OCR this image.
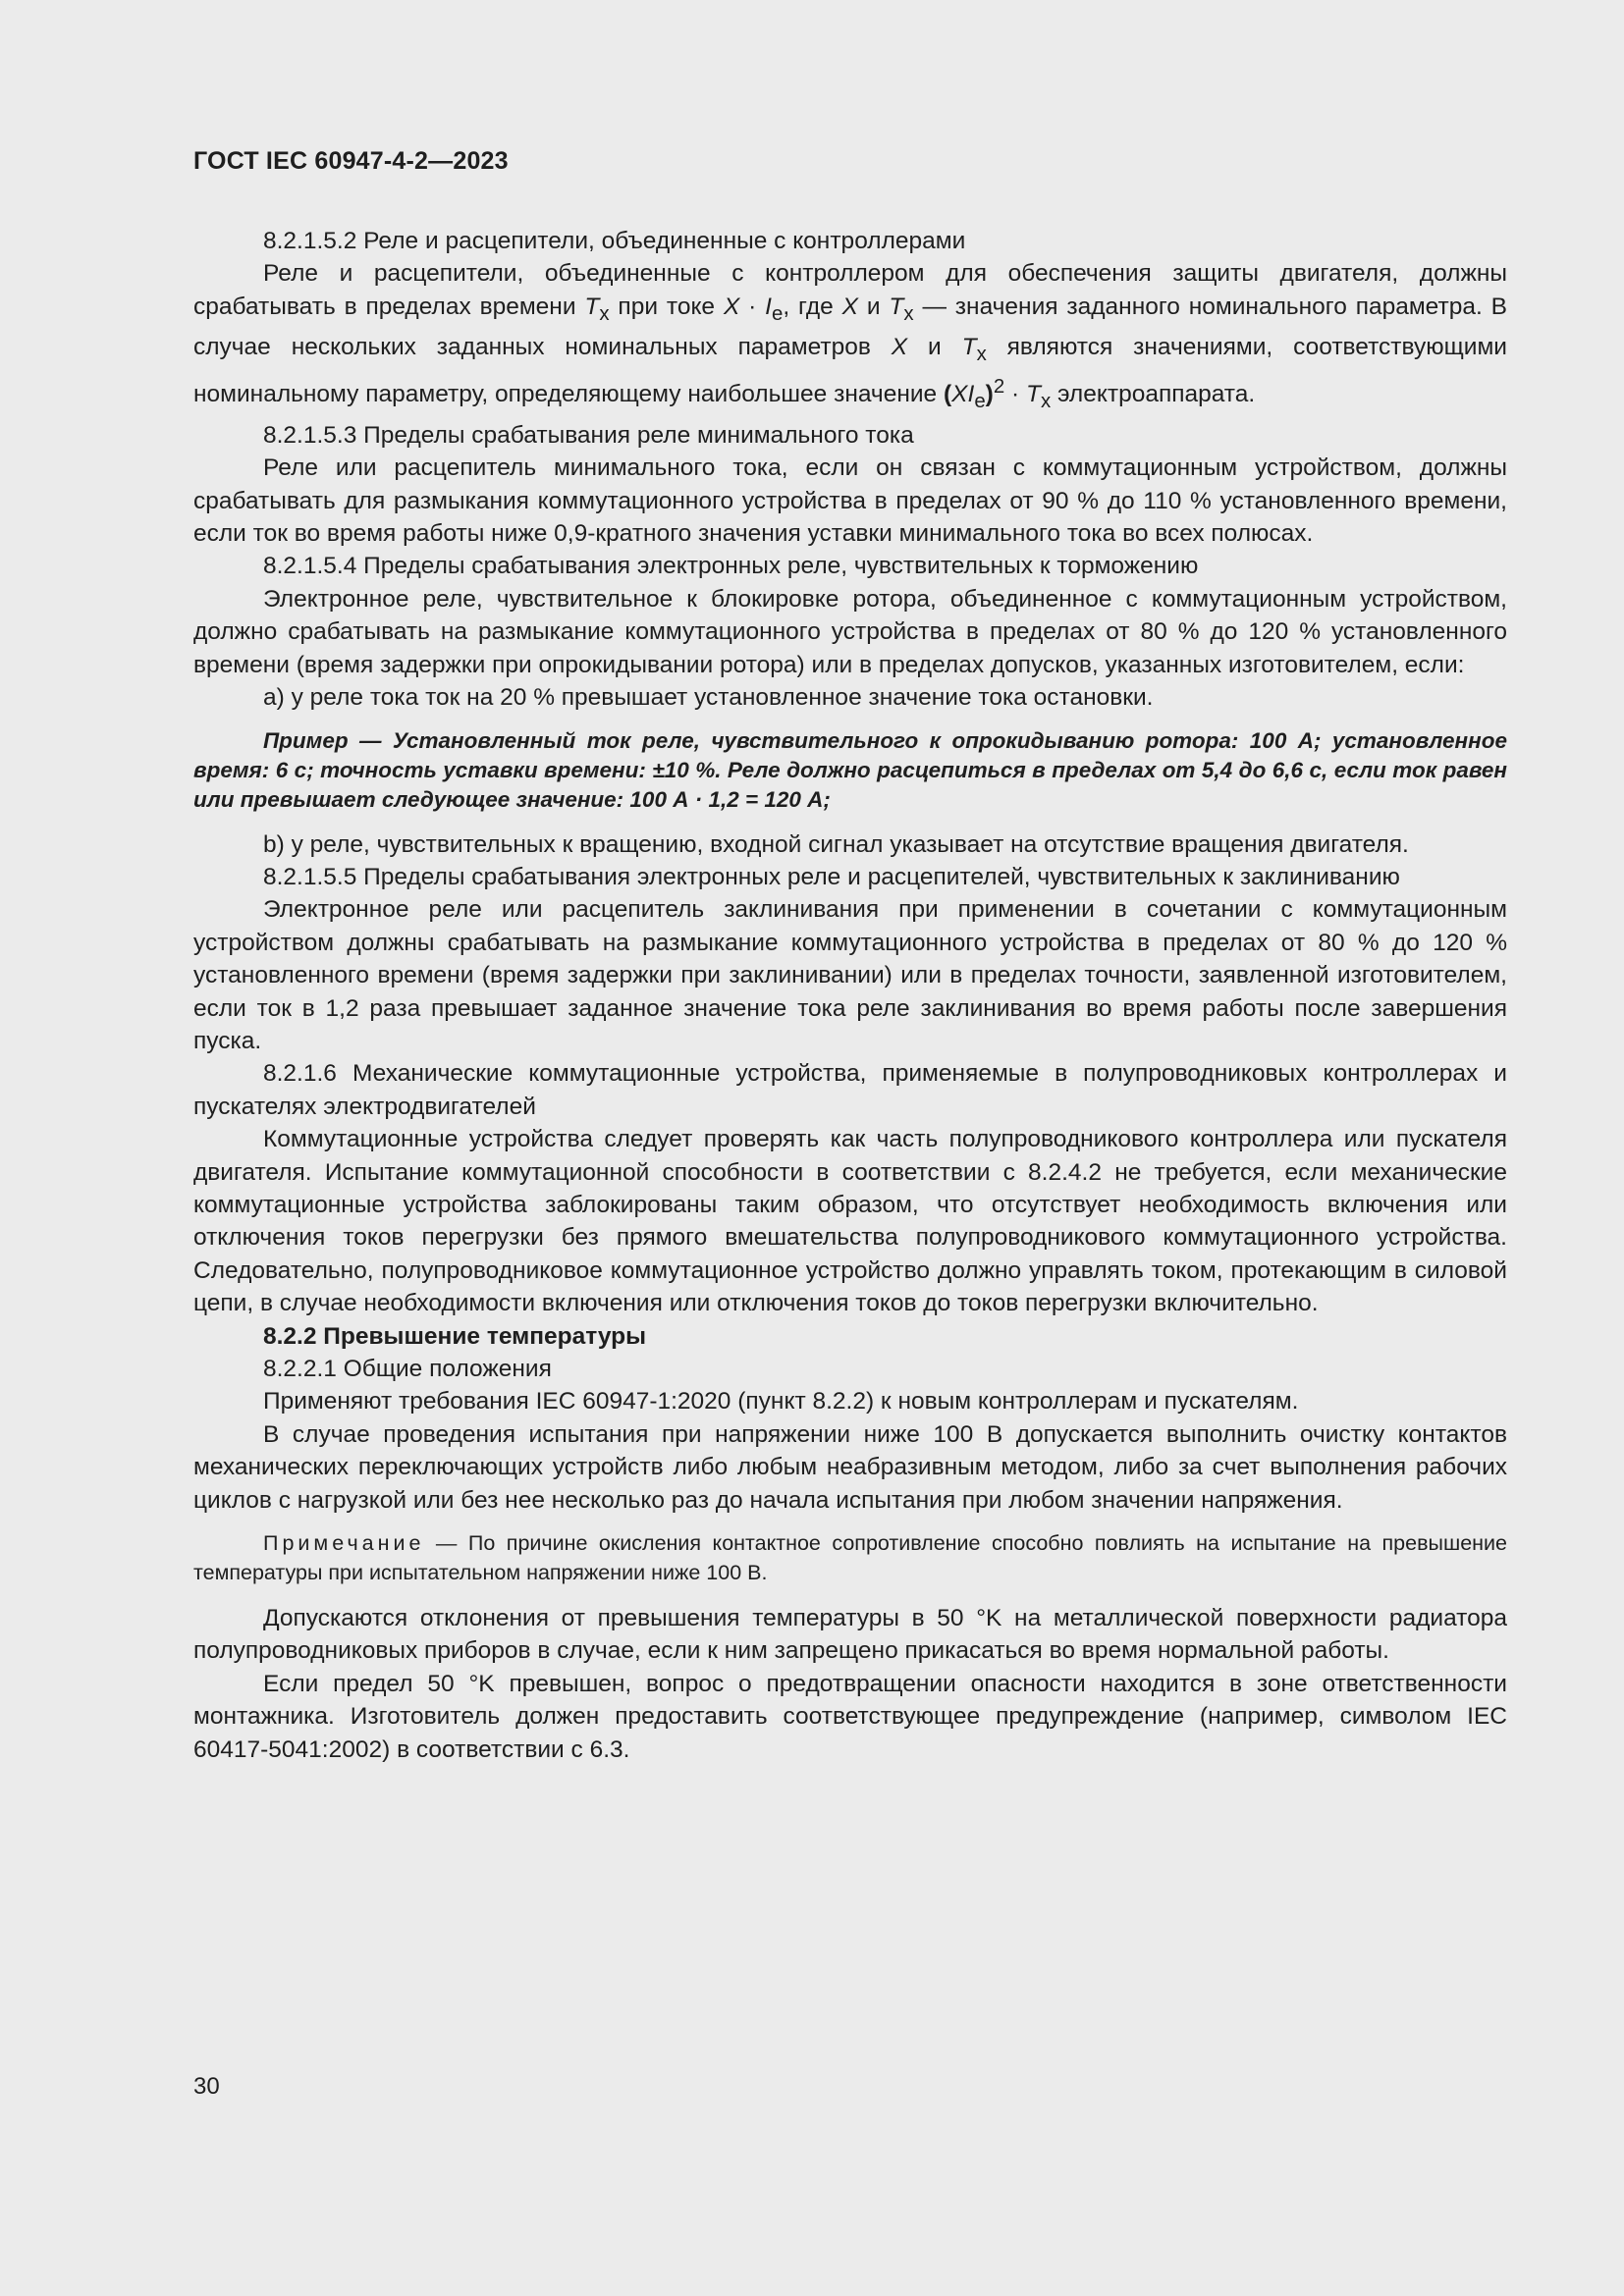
ГОСТ IEC 60947-4-2—2023

8.2.1.5.2 Реле и расцепители, объединенные с контроллерами

Реле и расцепители, объединенные с контроллером для обеспечения защиты двигателя, должны срабатывать в пределах времени $T_x$ при токе $X \cdot I_e$, где X и $T_x$ — значения заданного номинального параметра. В случае нескольких заданных номинальных параметров X и $T_x$ являются значениями, соответствующими номинальному параметру, определяющему наибольшее значение $(XI_e)^2 \cdot T_x$ электроаппарата.

8.2.1.5.3 Пределы срабатывания реле минимального тока

Реле или расцепитель минимального тока, если он связан с коммутационным устройством, должны срабатывать для размыкания коммутационного устройства в пределах от 90 % до 110 % установленного времени, если ток во время работы ниже 0,9-кратного значения уставки минимального тока во всех полюсах.

8.2.1.5.4 Пределы срабатывания электронных реле, чувствительных к торможению

Электронное реле, чувствительное к блокировке ротора, объединенное с коммутационным устройством, должно срабатывать на размыкание коммутационного устройства в пределах от 80 % до 120 % установленного времени (время задержки при опрокидывании ротора) или в пределах допусков, указанных изготовителем, если:

a) у реле тока ток на 20 % превышает установленное значение тока остановки.

Пример — Установленный ток реле, чувствительного к опрокидыванию ротора: 100 А; установленное время: 6 с; точность уставки времени: ±10 %. Реле должно расцепиться в пределах от 5,4 до 6,6 с, если ток равен или превышает следующее значение: 100 А · 1,2 = 120 А;

b) у реле, чувствительных к вращению, входной сигнал указывает на отсутствие вращения двигателя.

8.2.1.5.5 Пределы срабатывания электронных реле и расцепителей, чувствительных к заклиниванию

Электронное реле или расцепитель заклинивания при применении в сочетании с коммутационным устройством должны срабатывать на размыкание коммутационного устройства в пределах от 80 % до 120 % установленного времени (время задержки при заклинивании) или в пределах точности, заявленной изготовителем, если ток в 1,2 раза превышает заданное значение тока реле заклинивания во время работы после завершения пуска.

8.2.1.6 Механические коммутационные устройства, применяемые в полупроводниковых контроллерах и пускателях электродвигателей

Коммутационные устройства следует проверять как часть полупроводникового контроллера или пускателя двигателя. Испытание коммутационной способности в соответствии с 8.2.4.2 не требуется, если механические коммутационные устройства заблокированы таким образом, что отсутствует необходимость включения или отключения токов перегрузки без прямого вмешательства полупроводникового коммутационного устройства. Следовательно, полупроводниковое коммутационное устройство должно управлять током, протекающим в силовой цепи, в случае необходимости включения или отключения токов до токов перегрузки включительно.

8.2.2 Превышение температуры

8.2.2.1 Общие положения

Применяют требования IEC 60947-1:2020 (пункт 8.2.2) к новым контроллерам и пускателям.

В случае проведения испытания при напряжении ниже 100 В допускается выполнить очистку контактов механических переключающих устройств либо любым неабразивным методом, либо за счет выполнения рабочих циклов с нагрузкой или без нее несколько раз до начала испытания при любом значении напряжения.

Примечание — По причине окисления контактное сопротивление способно повлиять на испытание на превышение температуры при испытательном напряжении ниже 100 В.

Допускаются отклонения от превышения температуры в 50 °K на металлической поверхности радиатора полупроводниковых приборов в случае, если к ним запрещено прикасаться во время нормальной работы.

Если предел 50 °K превышен, вопрос о предотвращении опасности находится в зоне ответственности монтажника. Изготовитель должен предоставить соответствующее предупреждение (например, символом IEC 60417-5041:2002) в соответствии с 6.3.

30
